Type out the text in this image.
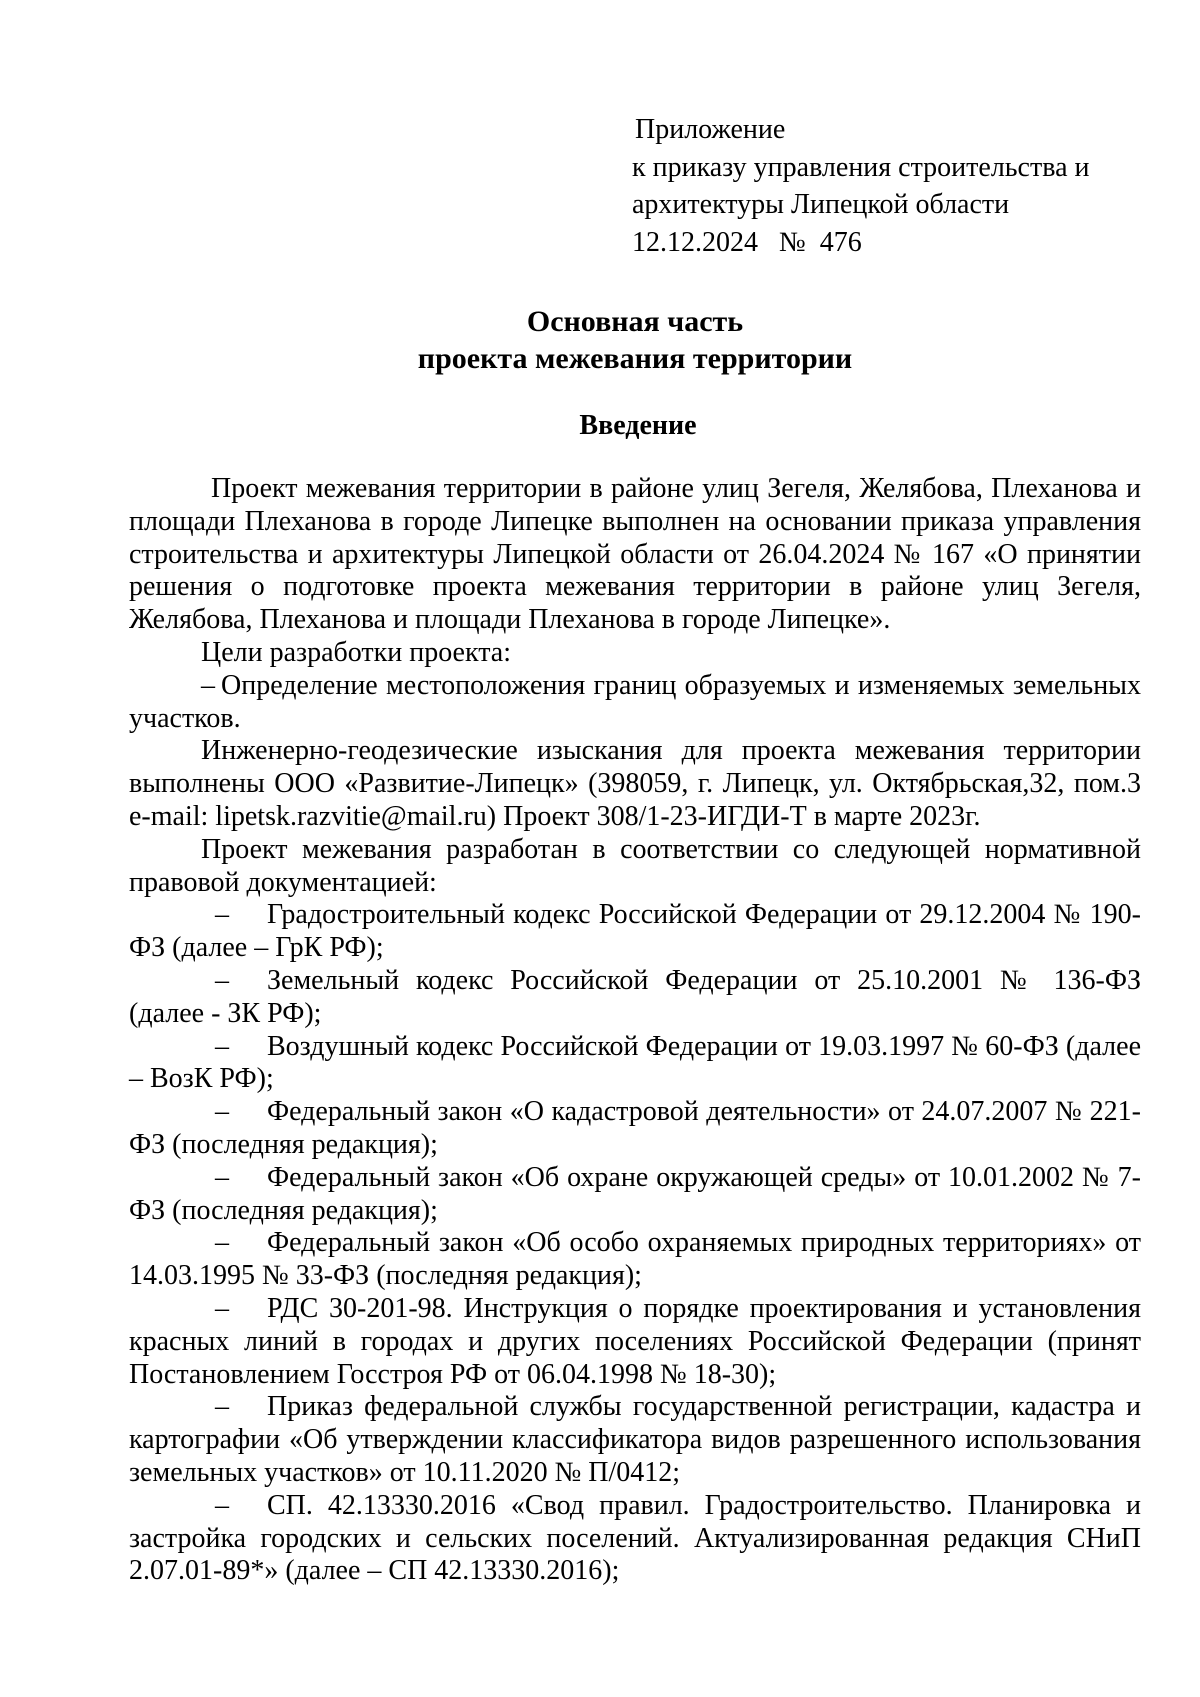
Приложение
к приказу управления строительства и
архитектуры Липецкой области
12.12.2024   №  476
Основная часть
проекта межевания территории
Введение

Проект межевания территории в районе улиц Зегеля, Желябова, Плеханова и площади Плеханова в городе Липецке выполнен на основании приказа управления строительства и архитектуры Липецкой области от 26.04.2024 № 167 «О принятии решения о подготовке проекта межевания территории в районе улиц Зегеля, Желябова, Плеханова и площади Плеханова в городе Липецке».

Цели разработки проекта:

– Определение местоположения границ образуемых и изменяемых земельных участков.

Инженерно-геодезические изыскания для проекта межевания территории выполнены ООО «Развитие-Липецк» (398059, г. Липецк, ул. Октябрьская,32, пом.3 e-mail: lipetsk.razvitie@mail.ru) Проект 308/1-23-ИГДИ-Т в марте 2023г.

Проект межевания разработан в соответствии со следующей нормативной правовой документацией:

– Градостроительный кодекс Российской Федерации от 29.12.2004 № 190-ФЗ (далее – ГрК РФ);

– Земельный кодекс Российской Федерации от 25.10.2001 № 136-ФЗ (далее - ЗК РФ);

– Воздушный кодекс Российской Федерации от 19.03.1997 № 60-ФЗ (далее – ВозК РФ);

– Федеральный закон «О кадастровой деятельности» от 24.07.2007 № 221-ФЗ (последняя редакция);

– Федеральный закон «Об охране окружающей среды» от 10.01.2002 № 7-ФЗ (последняя редакция);

– Федеральный закон «Об особо охраняемых природных территориях» от 14.03.1995 № 33-ФЗ (последняя редакция);

– РДС 30-201-98. Инструкция о порядке проектирования и установления красных линий в городах и других поселениях Российской Федерации (принят Постановлением Госстроя РФ от 06.04.1998 № 18-30);

– Приказ федеральной службы государственной регистрации, кадастра и картографии «Об утверждении классификатора видов разрешенного использования земельных участков» от 10.11.2020 № П/0412;

– СП. 42.13330.2016 «Свод правил. Градостроительство. Планировка и застройка городских и сельских поселений. Актуализированная редакция СНиП 2.07.01-89*» (далее – СП 42.13330.2016);
